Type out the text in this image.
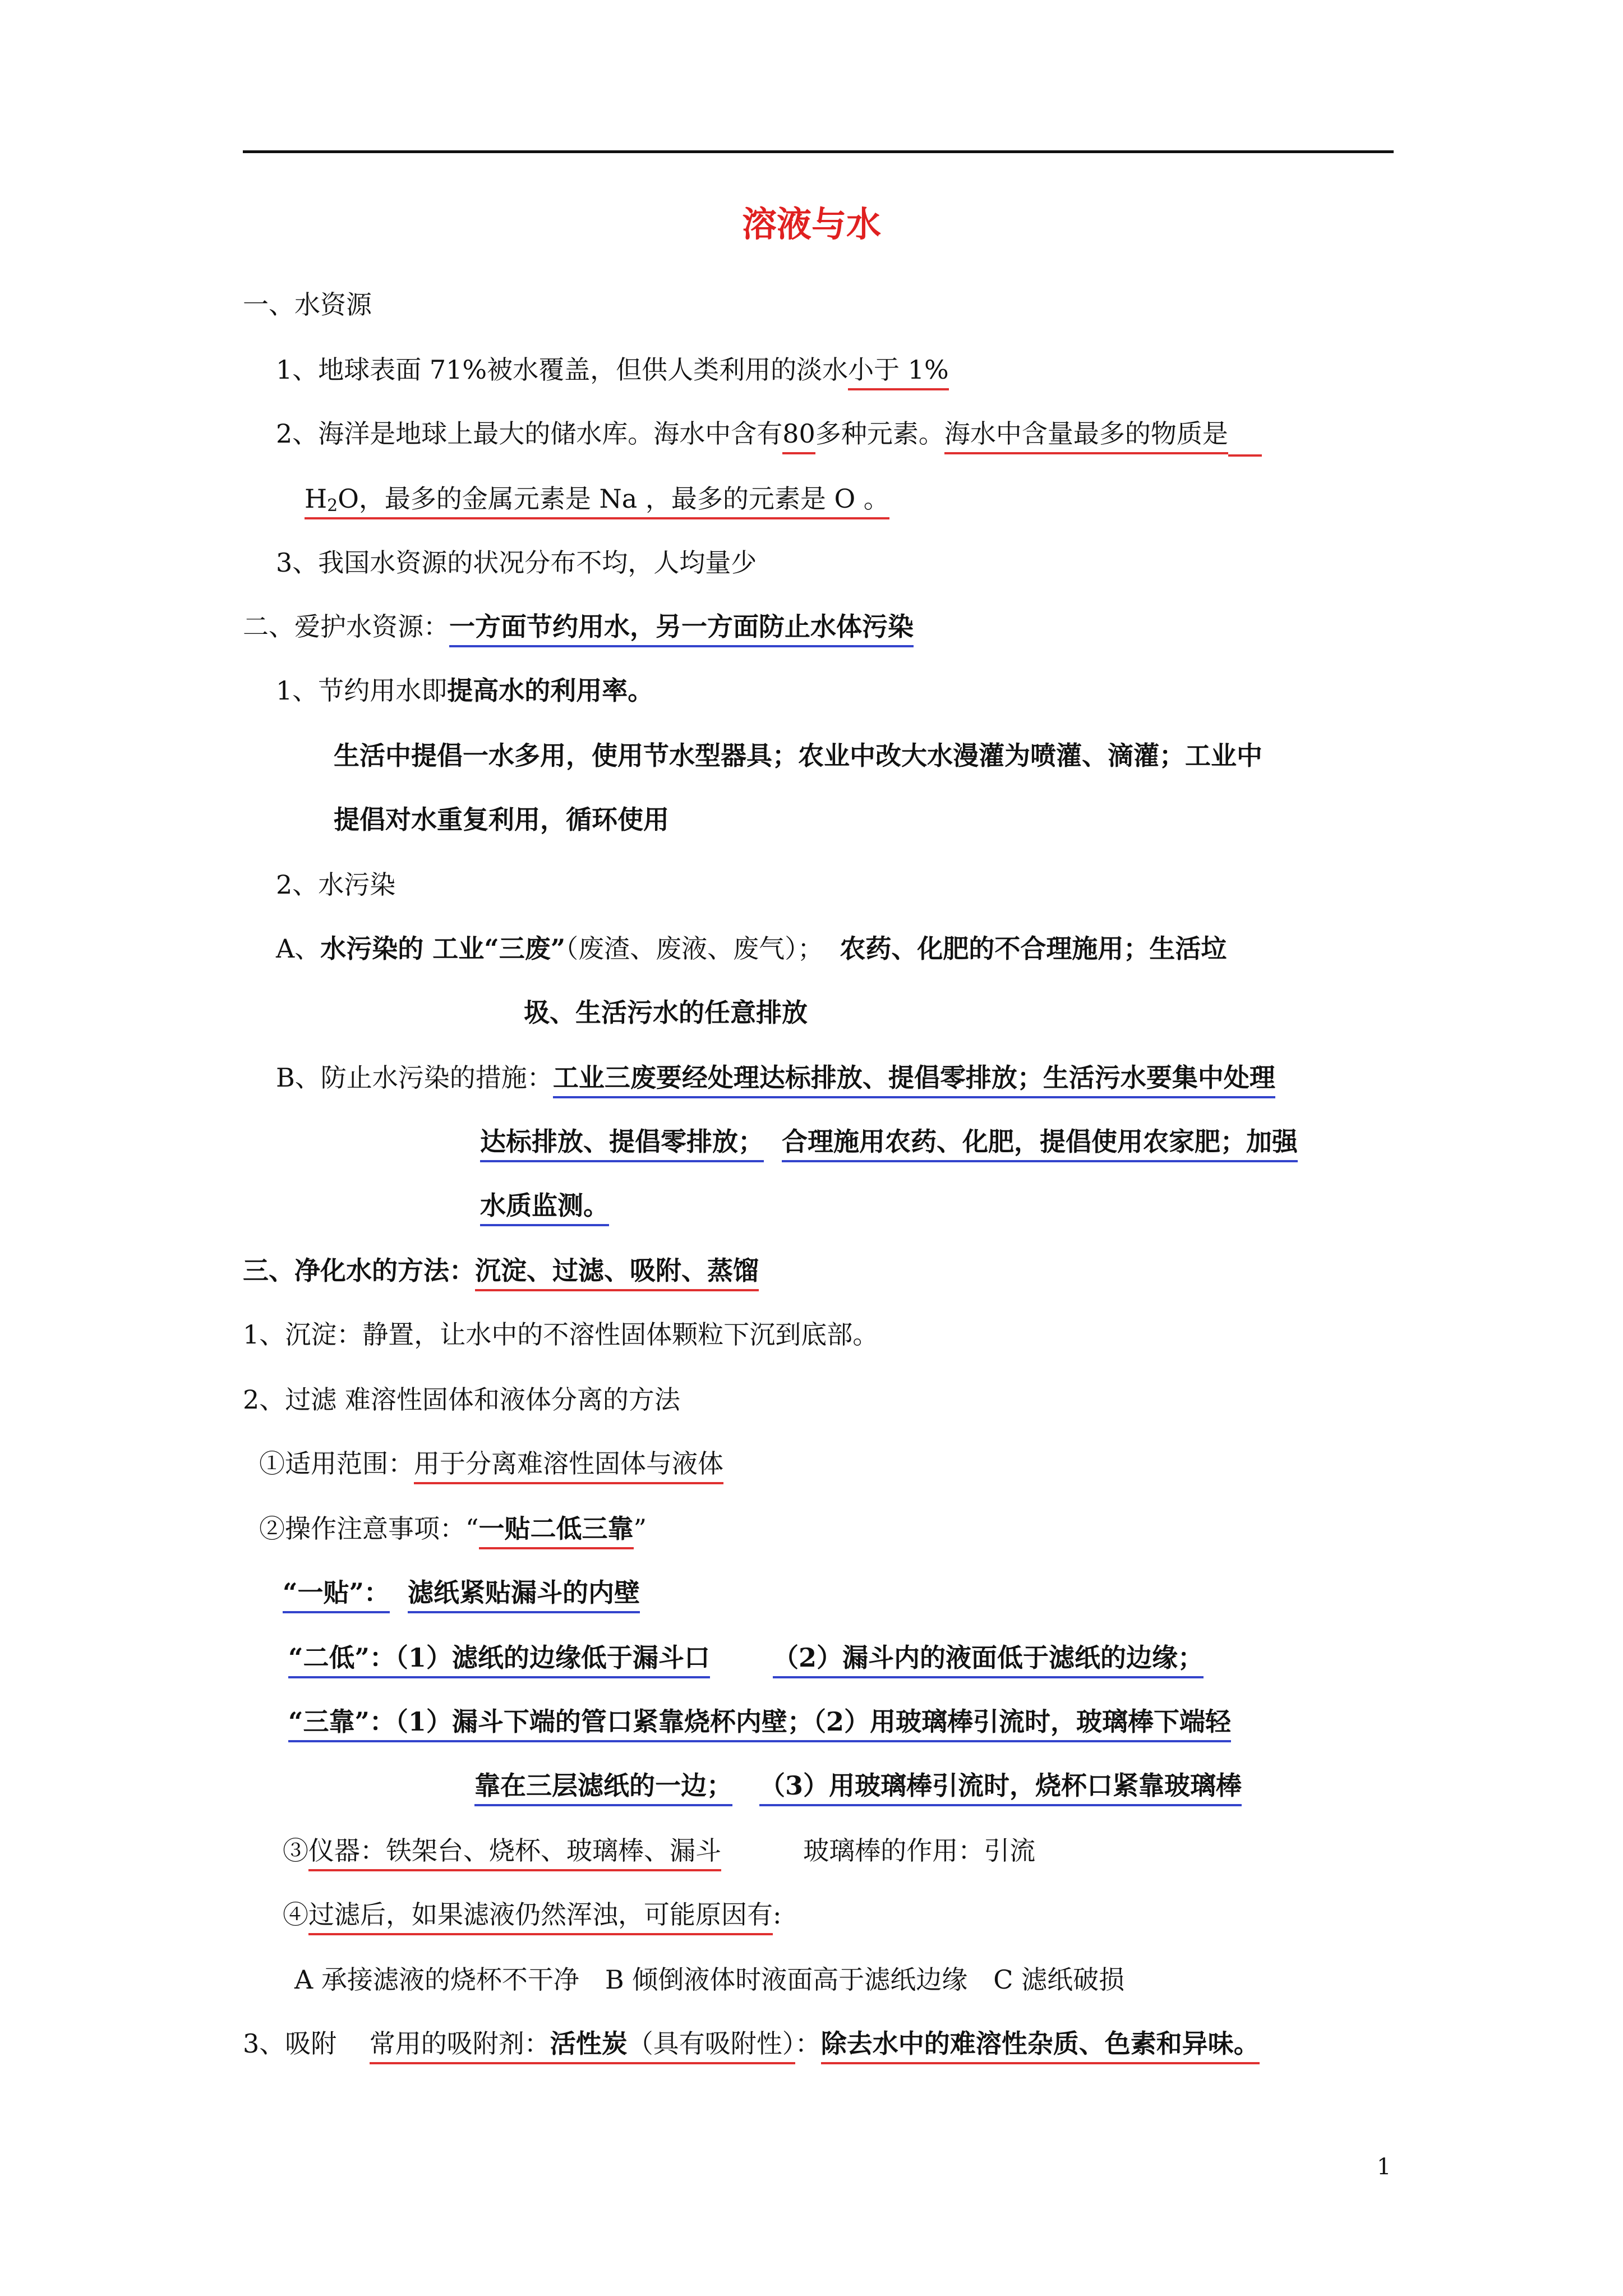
溶液与水
一、水资源
1、地球表面 71%被水覆盖，但供人类利用的淡水小于 1%
2、海洋是地球上最大的储水库。海水中含有80多种元素。海水中含量最多的物质是
$H_2O$，最多的金属元素是 Na ，最多的元素是 O 。
3、我国水资源的状况分布不均，人均量少
二、爱护水资源：一方面节约用水，另一方面防止水体污染
1、节约用水即提高水的利用率。
生活中提倡一水多用，使用节水型器具；农业中改大水漫灌为喷灌、滴灌；工业中
提倡对水重复利用，循环使用
2、水污染
A、水污染的 工业“三废”（废渣、废液、废气）； 农药、化肥的不合理施用；生活垃
圾、生活污水的任意排放
B、防止水污染的措施：工业三废要经处理达标排放、提倡零排放；生活污水要集中处理
达标排放、提倡零排放； 合理施用农药、化肥，提倡使用农家肥；加强
水质监测。
三、净化水的方法：沉淀、过滤、吸附、蒸馏
1、沉淀：静置，让水中的不溶性固体颗粒下沉到底部。
2、过滤 难溶性固体和液体分离的方法
①适用范围：用于分离难溶性固体与液体
②操作注意事项：“一贴二低三靠”
“一贴”： 滤纸紧贴漏斗的内壁
“二低”：（1）滤纸的边缘低于漏斗口 （2）漏斗内的液面低于滤纸的边缘；
“三靠”：（1）漏斗下端的管口紧靠烧杯内壁；（2）用玻璃棒引流时，玻璃棒下端轻
靠在三层滤纸的一边； （3）用玻璃棒引流时，烧杯口紧靠玻璃棒
③仪器：铁架台、烧杯、玻璃棒、漏斗	玻璃棒的作用：引流
④过滤后，如果滤液仍然浑浊，可能原因有:
A 承接滤液的烧杯不干净　B 倾倒液体时液面高于滤纸边缘　C 滤纸破损
3、吸附 常用的吸附剂：活性炭（具有吸附性）：除去水中的难溶性杂质、色素和异味。
1
